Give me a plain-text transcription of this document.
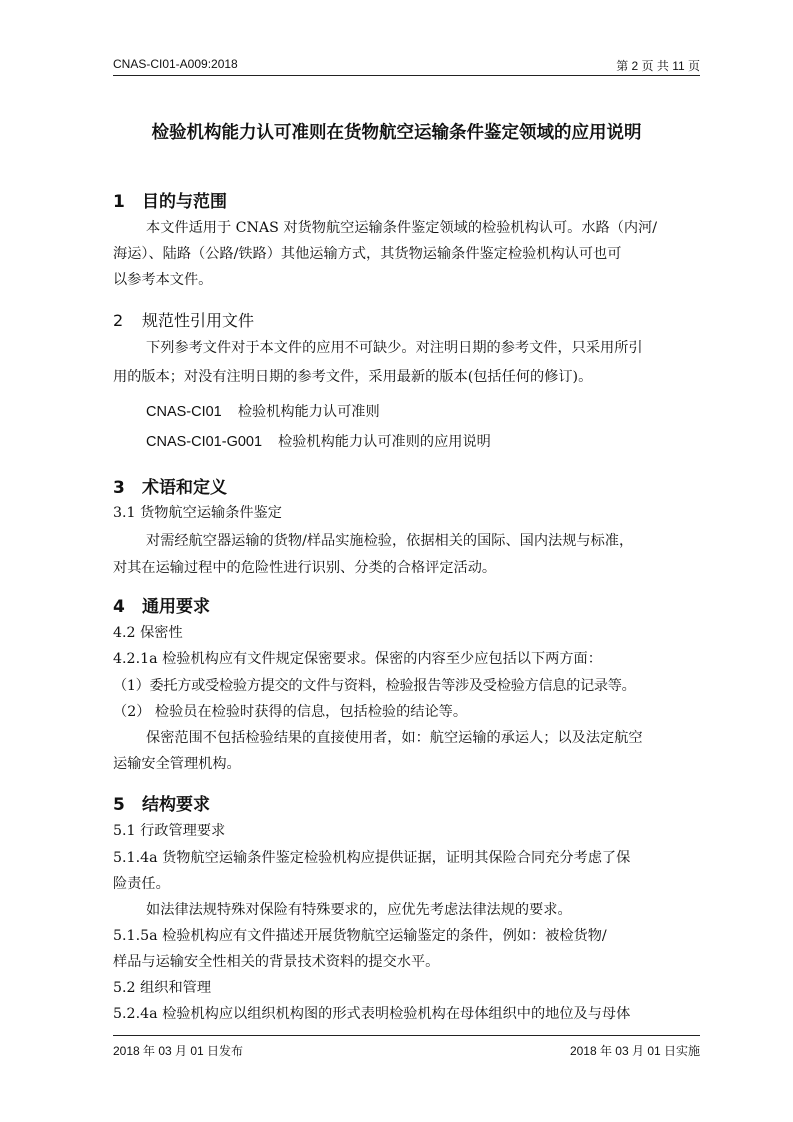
CNAS-CI01-A009:2018	第 2 页 共 11 页
检验机构能力认可准则在货物航空运输条件鉴定领域的应用说明
1 目的与范围
本文件适用于 CNAS 对货物航空运输条件鉴定领域的检验机构认可。水路（内河/
海运）、陆路（公路/铁路）其他运输方式，其货物运输条件鉴定检验机构认可也可
以参考本文件。
2 规范性引用文件
下列参考文件对于本文件的应用不可缺少。对注明日期的参考文件，只采用所引
用的版本；对没有注明日期的参考文件，采用最新的版本(包括任何的修订)。
CNAS-CI01 检验机构能力认可准则
CNAS-CI01-G001 检验机构能力认可准则的应用说明
3 术语和定义
3.1 货物航空运输条件鉴定
对需经航空器运输的货物/样品实施检验，依据相关的国际、国内法规与标准，
对其在运输过程中的危险性进行识别、分类的合格评定活动。
4 通用要求
4.2 保密性
4.2.1a 检验机构应有文件规定保密要求。保密的内容至少应包括以下两方面：
（1）委托方或受检验方提交的文件与资料，检验报告等涉及受检验方信息的记录等。
（2） 检验员在检验时获得的信息，包括检验的结论等。
保密范围不包括检验结果的直接使用者，如：航空运输的承运人；以及法定航空
运输安全管理机构。
5 结构要求
5.1 行政管理要求
5.1.4a 货物航空运输条件鉴定检验机构应提供证据，证明其保险合同充分考虑了保
险责任。
如法律法规特殊对保险有特殊要求的，应优先考虑法律法规的要求。
5.1.5a 检验机构应有文件描述开展货物航空运输鉴定的条件，例如：被检货物/
样品与运输安全性相关的背景技术资料的提交水平。
5.2 组织和管理
5.2.4a 检验机构应以组织机构图的形式表明检验机构在母体组织中的地位及与母体
2018 年 03 月 01 日发布	2018 年 03 月 01 日实施
